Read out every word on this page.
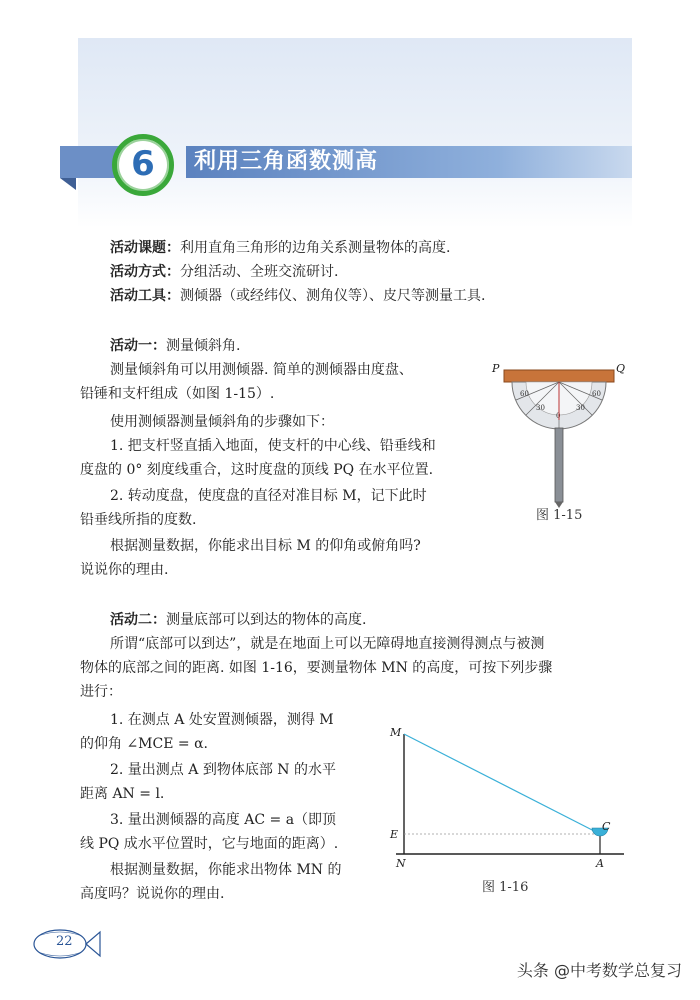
6	利用三角函数测高
活动课题：利用直角三角形的边角关系测量物体的高度.
活动方式：分组活动、全班交流研讨.
活动工具：测倾器（或经纬仪、测角仪等）、皮尺等测量工具.
活动一：测量倾斜角.
测量倾斜角可以用测倾器. 简单的测倾器由度盘、
铅锤和支杆组成（如图 1-15）.
使用测倾器测量倾斜角的步骤如下：
1. 把支杆竖直插入地面，使支杆的中心线、铅垂线和
度盘的 0° 刻度线重合，这时度盘的顶线 PQ 在水平位置.
2. 转动度盘，使度盘的直径对准目标 M，记下此时
铅垂线所指的度数.
根据测量数据，你能求出目标 M 的仰角或俯角吗?
说说你的理由.
P	Q
0
30	30
60	60
图 1-15
活动二：测量底部可以到达的物体的高度.
所谓“底部可以到达”，就是在地面上可以无障碍地直接测得测点与被测
物体的底部之间的距离. 如图 1-16，要测量物体 MN 的高度，可按下列步骤
进行：
1. 在测点 A 处安置测倾器，测得 M
的仰角 ∠MCE = α.
2. 量出测点 A 到物体底部 N 的水平
距离 AN = l.
3. 量出测倾器的高度 AC = a（即顶
线 PQ 成水平位置时，它与地面的距离）.
根据测量数据，你能求出物体 MN 的
高度吗？说说你的理由.
M
E
N
C
A
图 1-16
22
头条 @中考数学总复习
